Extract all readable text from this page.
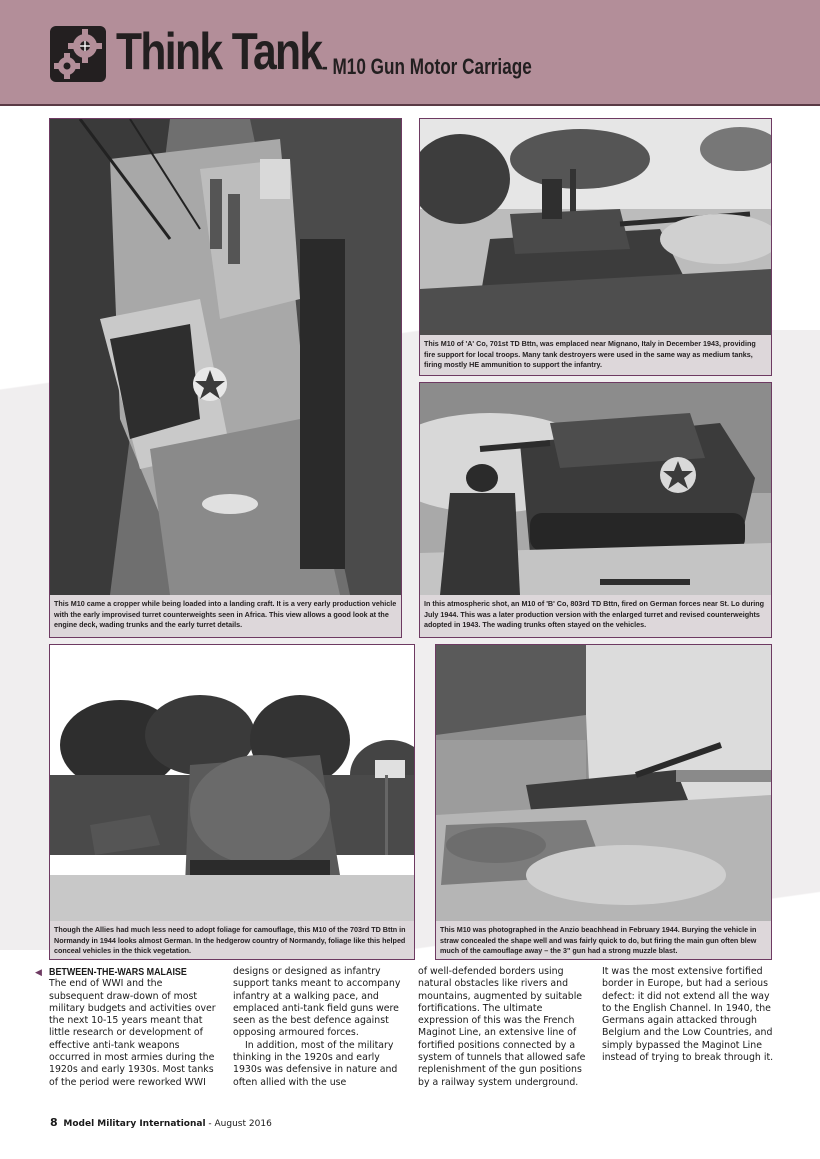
Think Tank - M10 Gun Motor Carriage
This M10 came a cropper while being loaded into a landing craft. It is a very early production vehicle with the early improvised turret counterweights seen in Africa. This view allows a good look at the engine deck, wading trunks and the early turret details.
This M10 of 'A' Co, 701st TD Bttn, was emplaced near Mignano, Italy in December 1943, providing fire support for local troops. Many tank destroyers were used in the same way as medium tanks, firing mostly HE ammunition to support the infantry.
In this atmospheric shot, an M10 of 'B' Co, 803rd TD Bttn, fired on German forces near St. Lo during July 1944. This was a later production version with the enlarged turret and revised counterweights adopted in 1943. The wading trunks often stayed on the vehicles.
Though the Allies had much less need to adopt foliage for camouflage, this M10 of the 703rd TD Bttn in Normandy in 1944 looks almost German. In the hedgerow country of Normandy, foliage like this helped conceal vehicles in the thick vegetation.
This M10 was photographed in the Anzio beachhead in February 1944. Burying the vehicle in straw concealed the shape well and was fairly quick to do, but firing the main gun often blew much of the camouflage away – the 3" gun had a strong muzzle blast.
◀ BETWEEN-THE-WARS MALAISE

The end of WWI and the subsequent draw-down of most military budgets and activities over the next 10-15 years meant that little research or development of effective anti-tank weapons occurred in most armies during the 1920s and early 1930s. Most tanks of the period were reworked WWI

designs or designed as infantry support tanks meant to accompany infantry at a walking pace, and emplaced anti-tank field guns were seen as the best defence against opposing armoured forces.

In addition, most of the military thinking in the 1920s and early 1930s was defensive in nature and often allied with the use

of well-defended borders using natural obstacles like rivers and mountains, augmented by suitable fortifications. The ultimate expression of this was the French Maginot Line, an extensive line of fortified positions connected by a system of tunnels that allowed safe replenishment of the gun positions by a railway system underground.

It was the most extensive fortified border in Europe, but had a serious defect: it did not extend all the way to the English Channel. In 1940, the Germans again attacked through Belgium and the Low Countries, and simply bypassed the Maginot Line instead of trying to break through it.

8 Model Military International - August 2016
